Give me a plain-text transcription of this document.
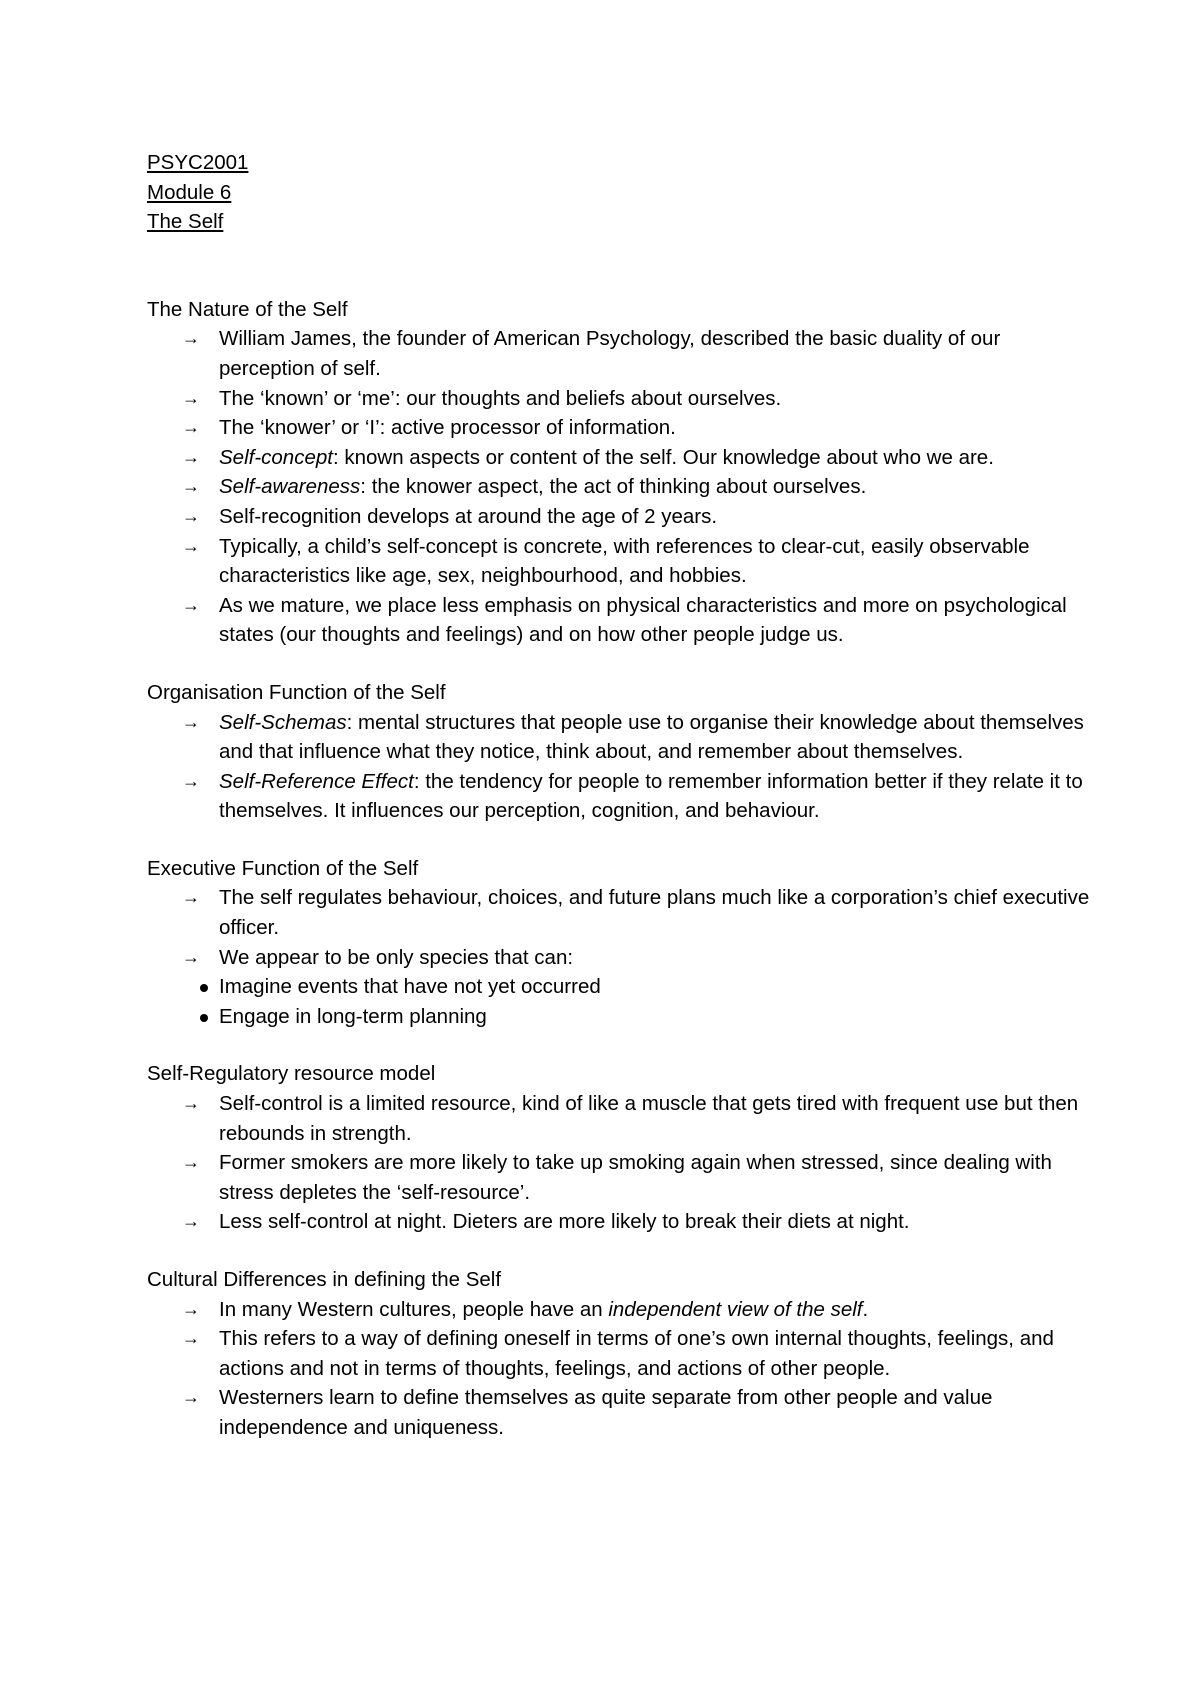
PSYC2001
Module 6
The Self
The Nature of the Self
→ William James, the founder of American Psychology, described the basic duality of our perception of self.
→ The ‘known’ or ‘me’: our thoughts and beliefs about ourselves.
→ The ‘knower’ or ‘I’: active processor of information.
→ Self-concept: known aspects or content of the self. Our knowledge about who we are.
→ Self-awareness: the knower aspect, the act of thinking about ourselves.
→ Self-recognition develops at around the age of 2 years.
→ Typically, a child’s self-concept is concrete, with references to clear-cut, easily observable characteristics like age, sex, neighbourhood, and hobbies.
→ As we mature, we place less emphasis on physical characteristics and more on psychological states (our thoughts and feelings) and on how other people judge us.
Organisation Function of the Self
→ Self-Schemas: mental structures that people use to organise their knowledge about themselves and that influence what they notice, think about, and remember about themselves.
→ Self-Reference Effect: the tendency for people to remember information better if they relate it to themselves. It influences our perception, cognition, and behaviour.
Executive Function of the Self
→ The self regulates behaviour, choices, and future plans much like a corporation’s chief executive officer.
→ We appear to be only species that can:
Imagine events that have not yet occurred
Engage in long-term planning
Self-Regulatory resource model
→ Self-control is a limited resource, kind of like a muscle that gets tired with frequent use but then rebounds in strength.
→ Former smokers are more likely to take up smoking again when stressed, since dealing with stress depletes the ‘self-resource’.
→ Less self-control at night. Dieters are more likely to break their diets at night.
Cultural Differences in defining the Self
→ In many Western cultures, people have an independent view of the self.
→ This refers to a way of defining oneself in terms of one’s own internal thoughts, feelings, and actions and not in terms of thoughts, feelings, and actions of other people.
→ Westerners learn to define themselves as quite separate from other people and value independence and uniqueness.
